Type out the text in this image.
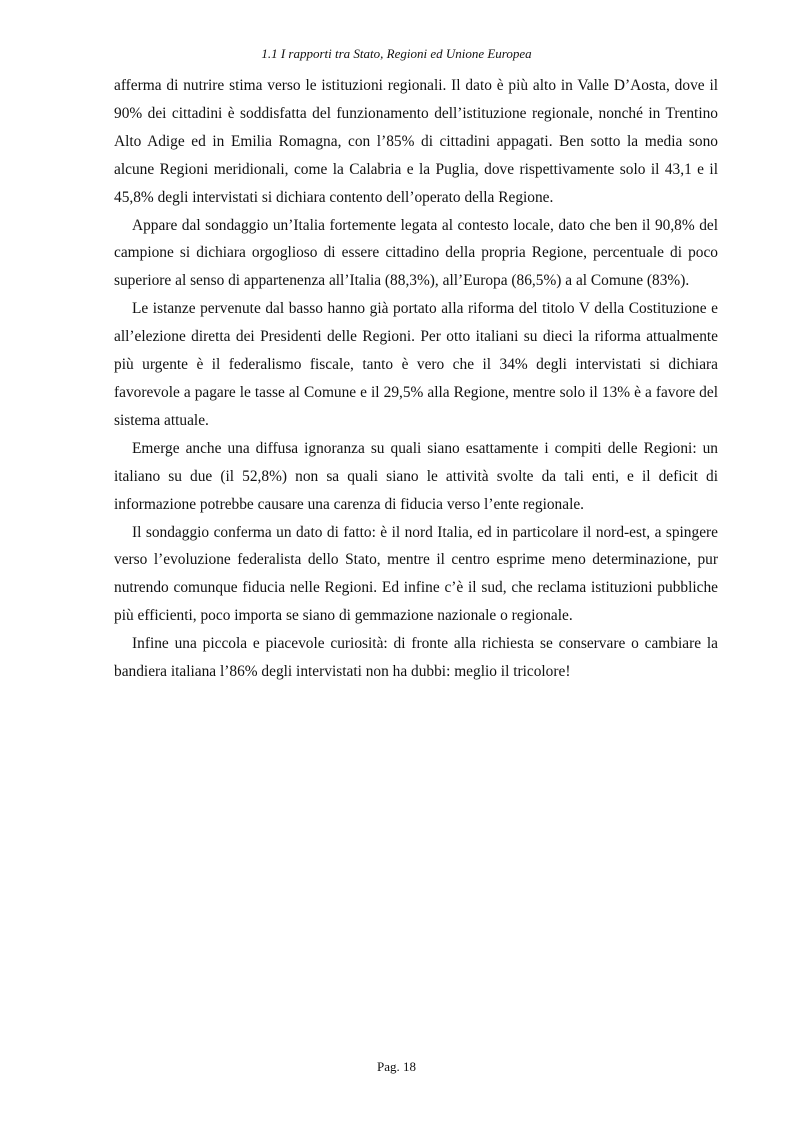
1.1 I rapporti tra Stato, Regioni ed Unione Europea

afferma di nutrire stima verso le istituzioni regionali. Il dato è più alto in Valle D’Aosta, dove il 90% dei cittadini è soddisfatta del funzionamento dell’istituzione regionale, nonché in Trentino Alto Adige ed in Emilia Romagna, con l’85% di cittadini appagati. Ben sotto la media sono alcune Regioni meridionali, come la Calabria e la Puglia, dove rispettivamente solo il 43,1 e il 45,8% degli intervistati si dichiara contento dell’operato della Regione.

Appare dal sondaggio un’Italia fortemente legata al contesto locale, dato che ben il 90,8% del campione si dichiara orgoglioso di essere cittadino della propria Regione, percentuale di poco superiore al senso di appartenenza all’Italia (88,3%), all’Europa (86,5%) a al Comune (83%).

Le istanze pervenute dal basso hanno già portato alla riforma del titolo V della Costituzione e all’elezione diretta dei Presidenti delle Regioni. Per otto italiani su dieci la riforma attualmente più urgente è il federalismo fiscale, tanto è vero che il 34% degli intervistati si dichiara favorevole a pagare le tasse al Comune e il 29,5% alla Regione, mentre solo il 13% è a favore del sistema attuale.

Emerge anche una diffusa ignoranza su quali siano esattamente i compiti delle Regioni: un italiano su due (il 52,8%) non sa quali siano le attività svolte da tali enti, e il deficit di informazione potrebbe causare una carenza di fiducia verso l’ente regionale.

Il sondaggio conferma un dato di fatto: è il nord Italia, ed in particolare il nord-est, a spingere verso l’evoluzione federalista dello Stato, mentre il centro esprime meno determinazione, pur nutrendo comunque fiducia nelle Regioni. Ed infine c’è il sud, che reclama istituzioni pubbliche più efficienti, poco importa se siano di gemmazione nazionale o regionale.

Infine una piccola e piacevole curiosità: di fronte alla richiesta se conservare o cambiare la bandiera italiana l’86% degli intervistati non ha dubbi: meglio il tricolore!

Pag. 18
